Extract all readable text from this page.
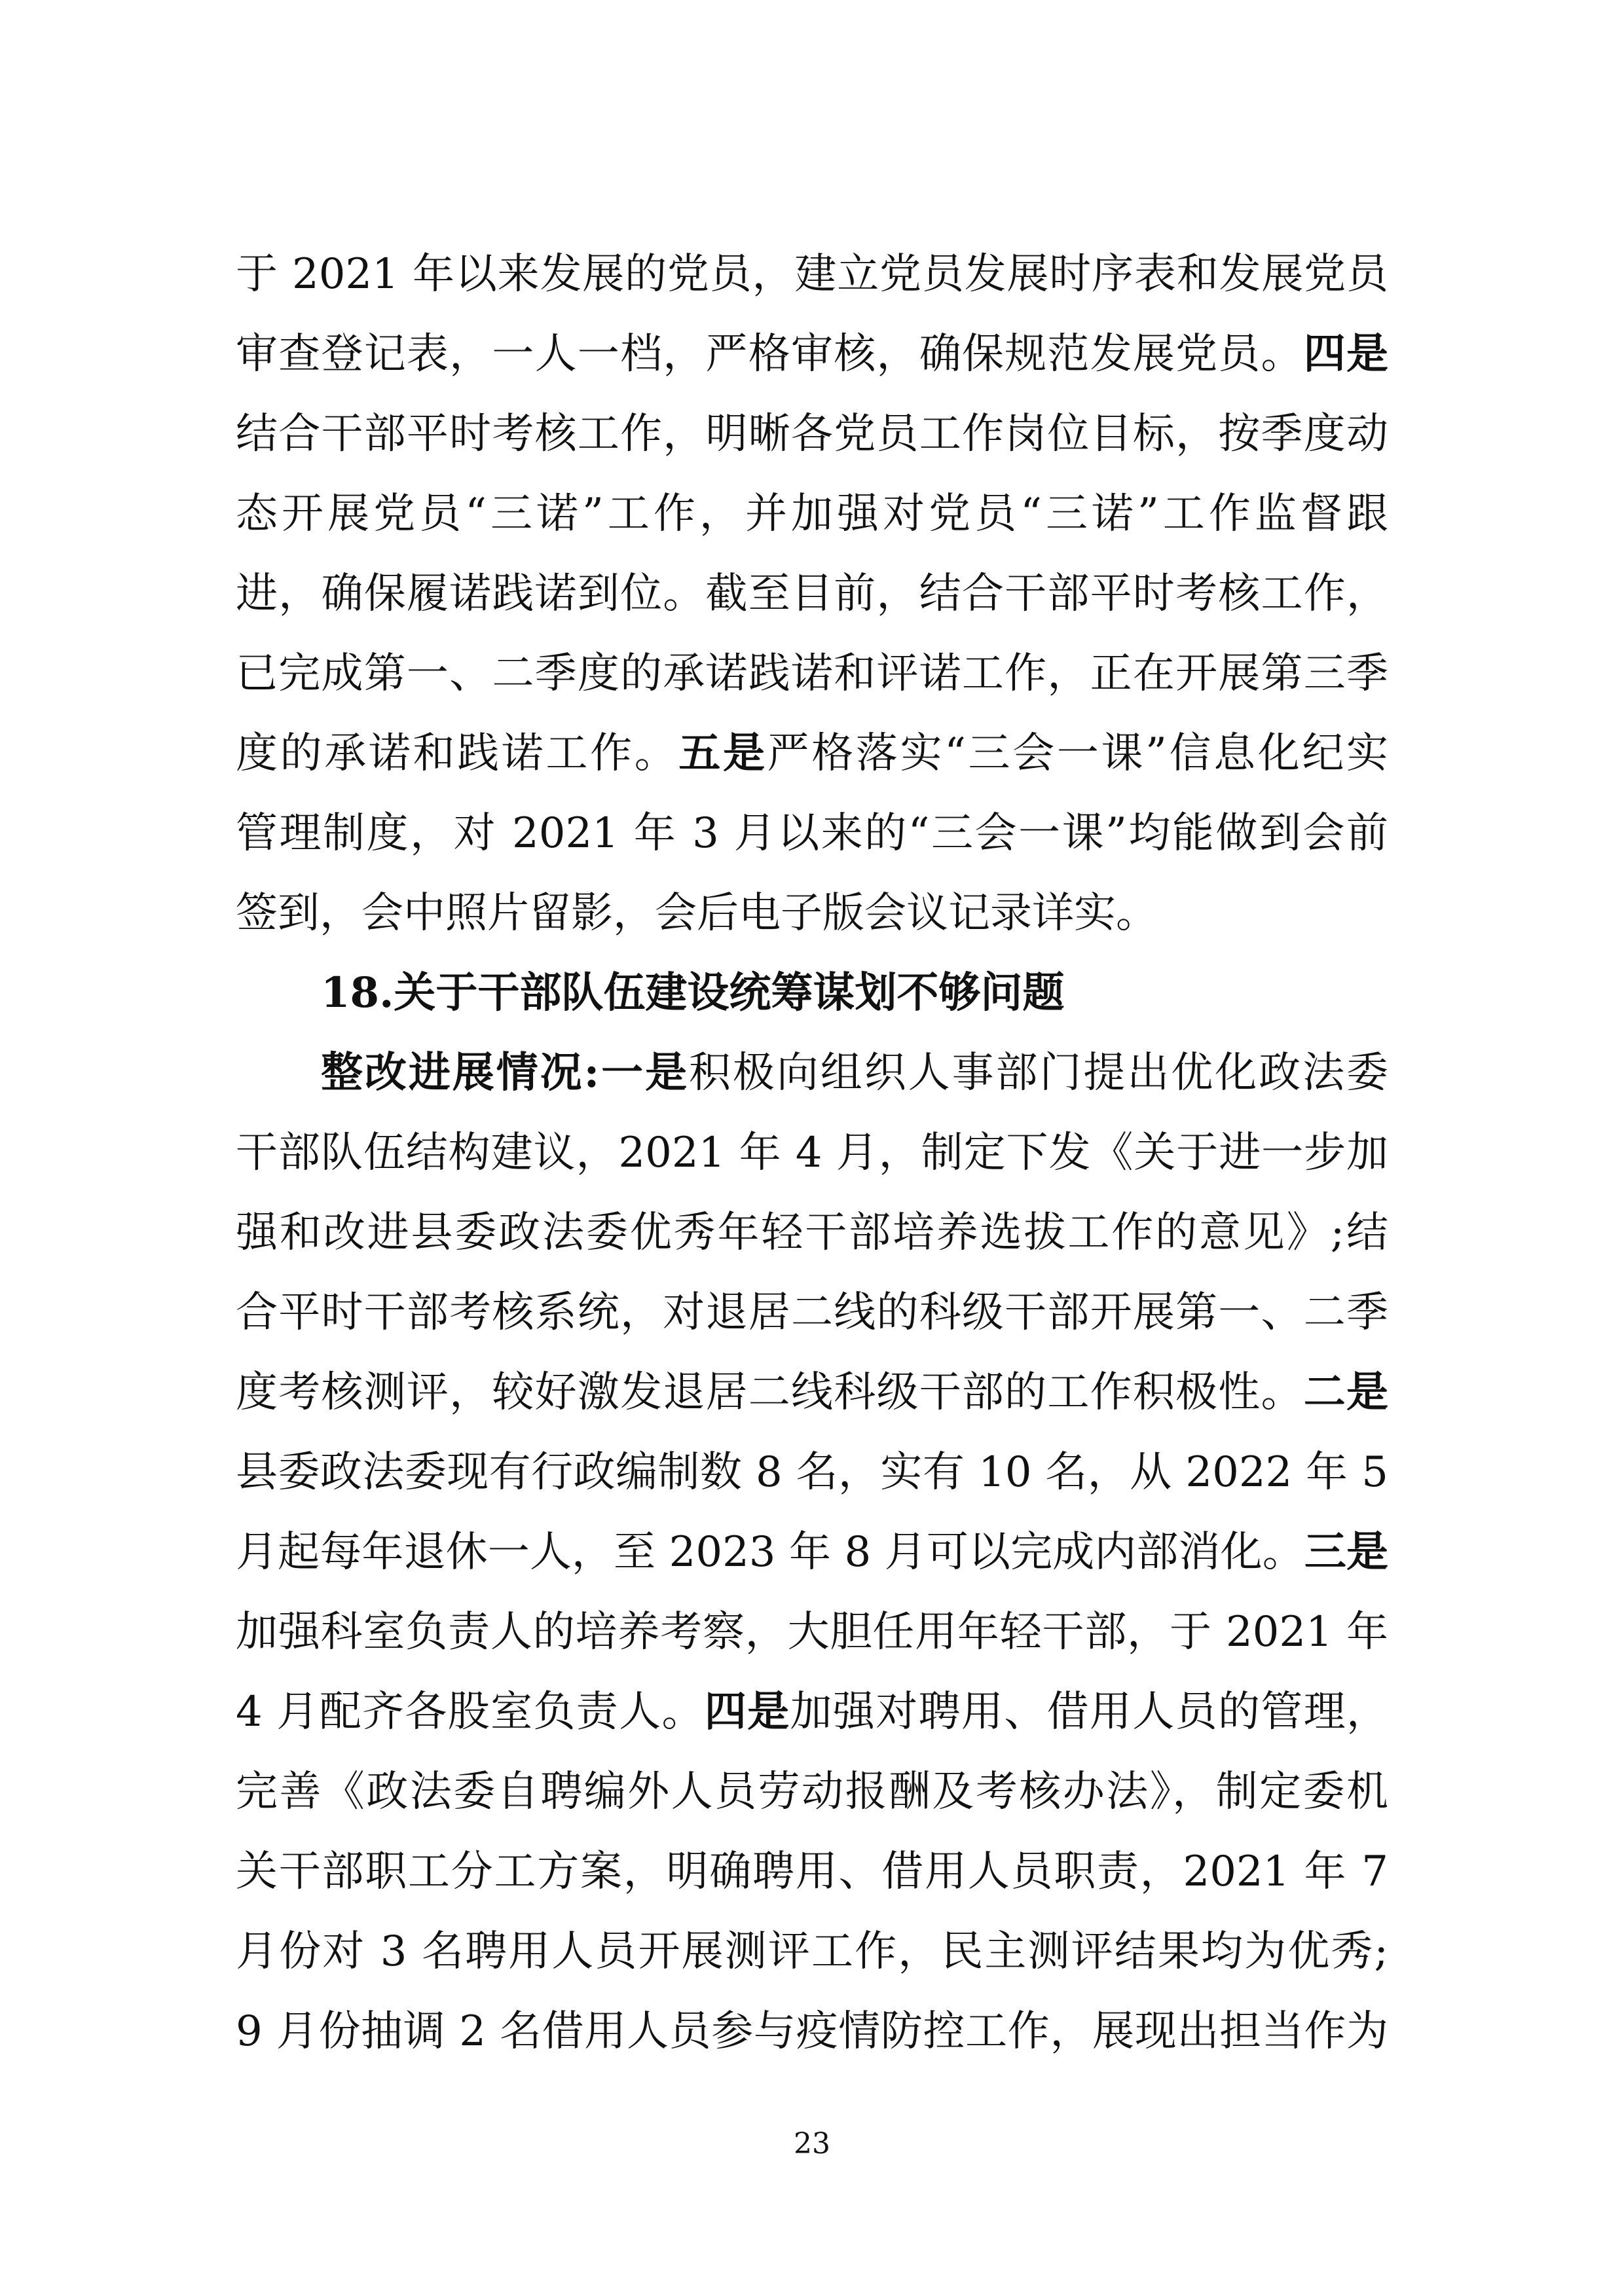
于 2021 年以来发展的党员，建立党员发展时序表和发展党员
审查登记表，一人一档，严格审核，确保规范发展党员。四是
结合干部平时考核工作，明晰各党员工作岗位目标，按季度动
态开展党员“三诺”工作，并加强对党员“三诺”工作监督跟
进，确保履诺践诺到位。截至目前，结合干部平时考核工作，
已完成第一、二季度的承诺践诺和评诺工作，正在开展第三季
度的承诺和践诺工作。五是严格落实“三会一课”信息化纪实
管理制度，对 2021 年 3 月以来的“三会一课”均能做到会前
签到，会中照片留影，会后电子版会议记录详实。
18.关于干部队伍建设统筹谋划不够问题
整改进展情况:一是积极向组织人事部门提出优化政法委
干部队伍结构建议，2021 年 4 月，制定下发《关于进一步加
强和改进县委政法委优秀年轻干部培养选拔工作的意见》;结
合平时干部考核系统，对退居二线的科级干部开展第一、二季
度考核测评，较好激发退居二线科级干部的工作积极性。二是
县委政法委现有行政编制数 8 名，实有 10 名，从 2022 年 5
月起每年退休一人，至 2023 年 8 月可以完成内部消化。三是
加强科室负责人的培养考察，大胆任用年轻干部，于 2021 年
4 月配齐各股室负责人。四是加强对聘用、借用人员的管理，
完善《政法委自聘编外人员劳动报酬及考核办法》，制定委机
关干部职工分工方案，明确聘用、借用人员职责，2021 年 7
月份对 3 名聘用人员开展测评工作，民主测评结果均为优秀;
9 月份抽调 2 名借用人员参与疫情防控工作，展现出担当作为
23
